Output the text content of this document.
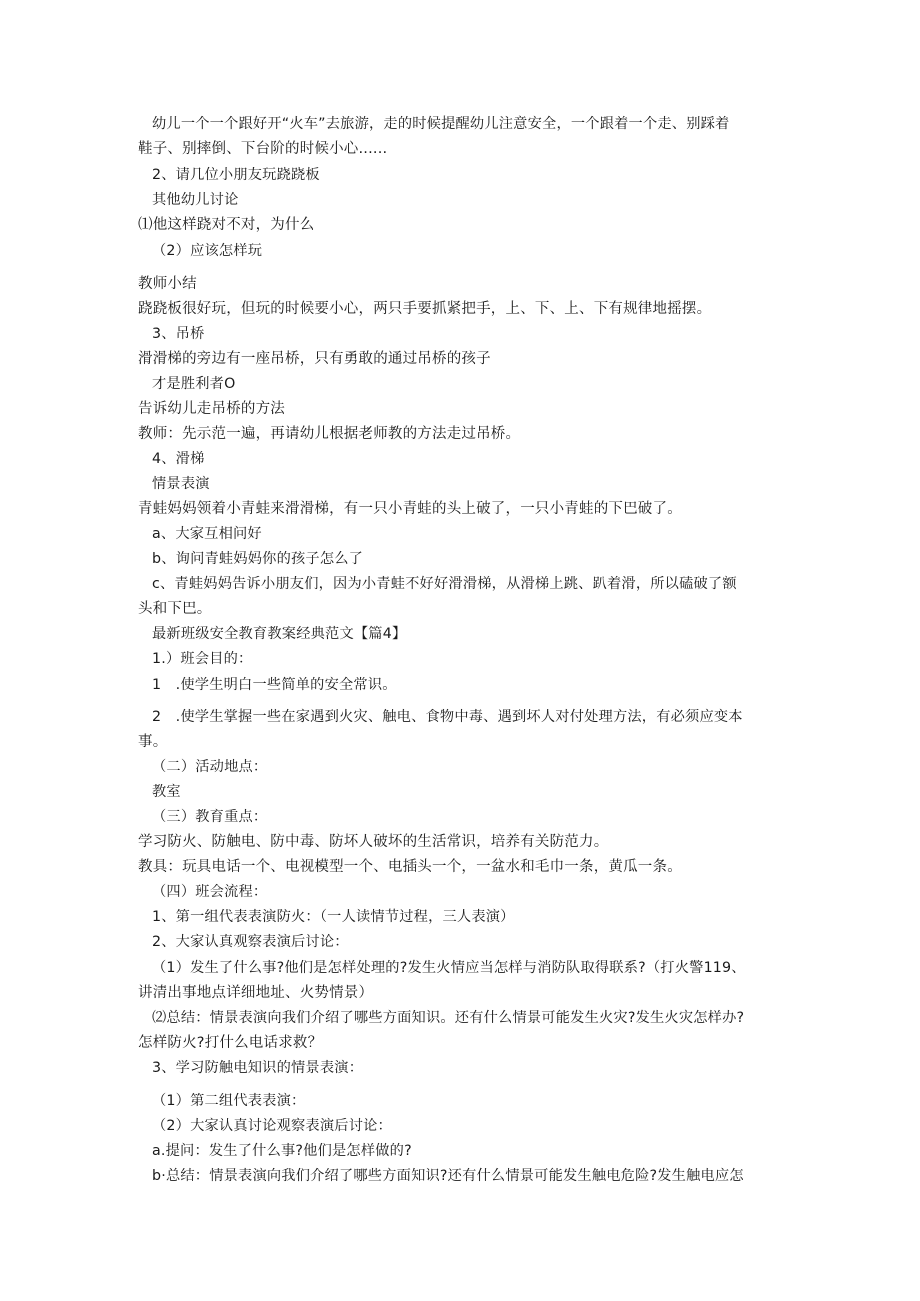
幼儿一个一个跟好开“火车”去旅游，走的时候提醒幼儿注意安全，一个跟着一个走、别踩着
鞋子、别摔倒、下台阶的时候小心......
2、请几位小朋友玩跷跷板
其他幼儿讨论
⑴他这样跷对不对，为什么
（2）应该怎样玩
教师小结
跷跷板很好玩，但玩的时候要小心，两只手要抓紧把手，上、下、上、下有规律地摇摆。
3、吊桥
滑滑梯的旁边有一座吊桥，只有勇敢的通过吊桥的孩子
才是胜利者O
告诉幼儿走吊桥的方法
教师：先示范一遍，再请幼儿根据老师教的方法走过吊桥。
4、滑梯
情景表演
青蛙妈妈领着小青蛙来滑滑梯，有一只小青蛙的头上破了，一只小青蛙的下巴破了。
a、大家互相问好
b、询问青蛙妈妈你的孩子怎么了
c、青蛙妈妈告诉小朋友们，因为小青蛙不好好滑滑梯，从滑梯上跳、趴着滑，所以磕破了额
头和下巴。
最新班级安全教育教案经典范文【篇4】
1.）班会目的：
1　.使学生明白一些简单的安全常识。
2　.使学生掌握一些在家遇到火灾、触电、食物中毒、遇到坏人对付处理方法，有必须应变本
事。
（二）活动地点：
教室
（三）教育重点：
学习防火、防触电、防中毒、防坏人破坏的生活常识，培养有关防范力。
教具：玩具电话一个、电视模型一个、电插头一个，一盆水和毛巾一条，黄瓜一条。
（四）班会流程：
1、第一组代表表演防火：（一人读情节过程，三人表演）
2、大家认真观察表演后讨论：
（1）发生了什么事?他们是怎样处理的?发生火情应当怎样与消防队取得联系?（打火警119、
讲清出事地点详细地址、火势情景）
⑵总结：情景表演向我们介绍了哪些方面知识。还有什么情景可能发生火灾?发生火灾怎样办?
怎样防火?打什么电话求救？
3、学习防触电知识的情景表演：
（1）第二组代表表演：
（2）大家认真讨论观察表演后讨论：
a.提问：发生了什么事?他们是怎样做的?
b·总结：情景表演向我们介绍了哪些方面知识?还有什么情景可能发生触电危险?发生触电应怎
